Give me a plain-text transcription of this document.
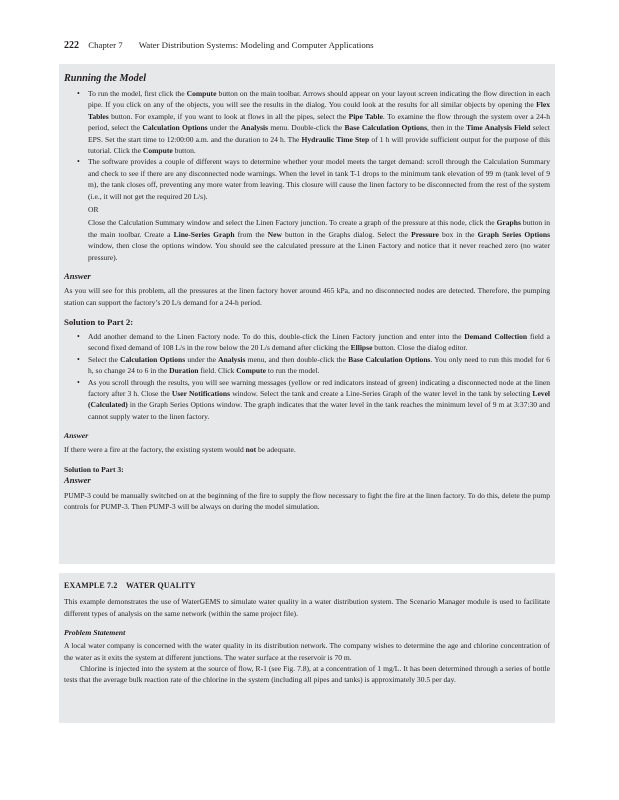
222 Chapter 7 Water Distribution Systems: Modeling and Computer Applications
Running the Model
• To run the model, first click the Compute button on the main toolbar. Arrows should appear on your layout screen indicating the flow direction in each pipe. If you click on any of the objects, you will see the results in the dialog. You could look at the results for all similar objects by opening the Flex Tables button. For example, if you want to look at flows in all the pipes, select the Pipe Table. To examine the flow through the system over a 24-h period, select the Calculation Options under the Analysis menu. Double-click the Base Calculation Options, then in the Time Analysis Field select EPS. Set the start time to 12:00:00 a.m. and the duration to 24 h. The Hydraulic Time Step of 1 h will provide sufficient output for the purpose of this tutorial. Click the Compute button.
• The software provides a couple of different ways to determine whether your model meets the target demand: scroll through the Calculation Summary and check to see if there are any disconnected node warnings. When the level in tank T-1 drops to the minimum tank elevation of 99 m (tank level of 9 m), the tank closes off, preventing any more water from leaving. This closure will cause the linen factory to be disconnected from the rest of the system (i.e., it will not get the required 20 L/s).

OR

Close the Calculation Summary window and select the Linen Factory junction. To create a graph of the pressure at this node, click the Graphs button in the main toolbar. Create a Line-Series Graph from the New button in the Graphs dialog. Select the Pressure box in the Graph Series Options window, then close the options window. You should see the calculated pressure at the Linen Factory and notice that it never reached zero (no water pressure).

Answer

As you will see for this problem, all the pressures at the linen factory hover around 465 kPa, and no disconnected nodes are detected. Therefore, the pumping station can support the factory’s 20 L/s demand for a 24-h period.

Solution to Part 2:
• Add another demand to the Linen Factory node. To do this, double-click the Linen Factory junction and enter into the Demand Collection field a second fixed demand of 108 L/s in the row below the 20 L/s demand after clicking the Ellipse button. Close the dialog editor.
• Select the Calculation Options under the Analysis menu, and then double-click the Base Calculation Options. You only need to run this model for 6 h, so change 24 to 6 in the Duration field. Click Compute to run the model.
• As you scroll through the results, you will see warning messages (yellow or red indicators instead of green) indicating a disconnected node at the linen factory after 3 h. Close the User Notifications window. Select the tank and create a Line-Series Graph of the water level in the tank by selecting Level (Calculated) in the Graph Series Options window. The graph indicates that the water level in the tank reaches the minimum level of 9 m at 3:37:30 and cannot supply water to the linen factory.
Answer

If there were a fire at the factory, the existing system would not be adequate.

Solution to Part 3:
Answer

PUMP-3 could be manually switched on at the beginning of the fire to supply the flow necessary to fight the fire at the linen factory. To do this, delete the pump controls for PUMP-3. Then PUMP-3 will be always on during the model simulation.

EXAMPLE 7.2    WATER QUALITY

This example demonstrates the use of WaterGEMS to simulate water quality in a water distribution system. The Scenario Manager module is used to facilitate different types of analysis on the same network (within the same project file).

Problem Statement

A local water company is concerned with the water quality in its distribution network. The company wishes to determine the age and chlorine concentration of the water as it exits the system at different junctions. The water surface at the reservoir is 70 m.

Chlorine is injected into the system at the source of flow, R-1 (see Fig. 7.8), at a concentration of 1 mg/L. It has been determined through a series of bottle tests that the average bulk reaction rate of the chlorine in the system (including all pipes and tanks) is approximately 30.5 per day.
